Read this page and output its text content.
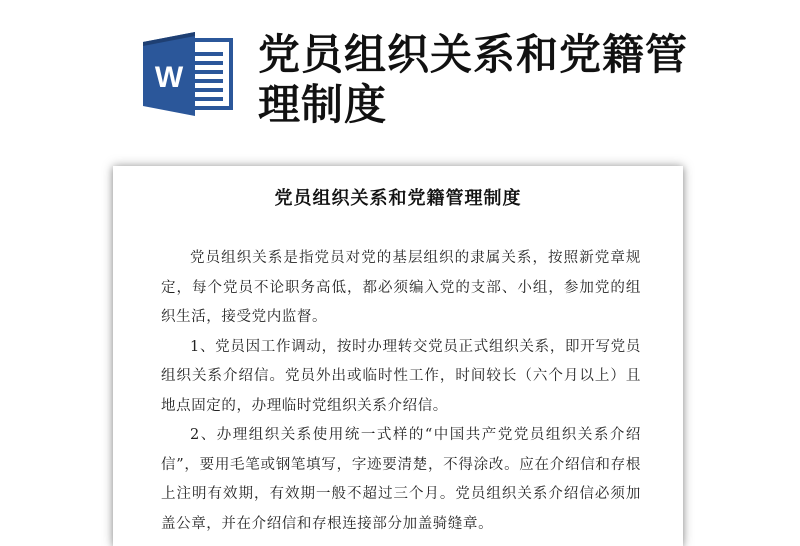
W 党员组织关系和党籍管理制度
党员组织关系和党籍管理制度

党员组织关系是指党员对党的基层组织的隶属关系，按照新党章规定，每个党员不论职务高低，都必须编入党的支部、小组，参加党的组织生活，接受党内监督。

1、党员因工作调动，按时办理转交党员正式组织关系，即开写党员组织关系介绍信。党员外出或临时性工作，时间较长（六个月以上）且地点固定的，办理临时党组织关系介绍信。

2、办理组织关系使用统一式样的“中国共产党党员组织关系介绍信”，要用毛笔或钢笔填写，字迹要清楚，不得涂改。应在介绍信和存根上注明有效期，有效期一般不超过三个月。党员组织关系介绍信必须加盖公章，并在介绍信和存根连接部分加盖骑缝章。
